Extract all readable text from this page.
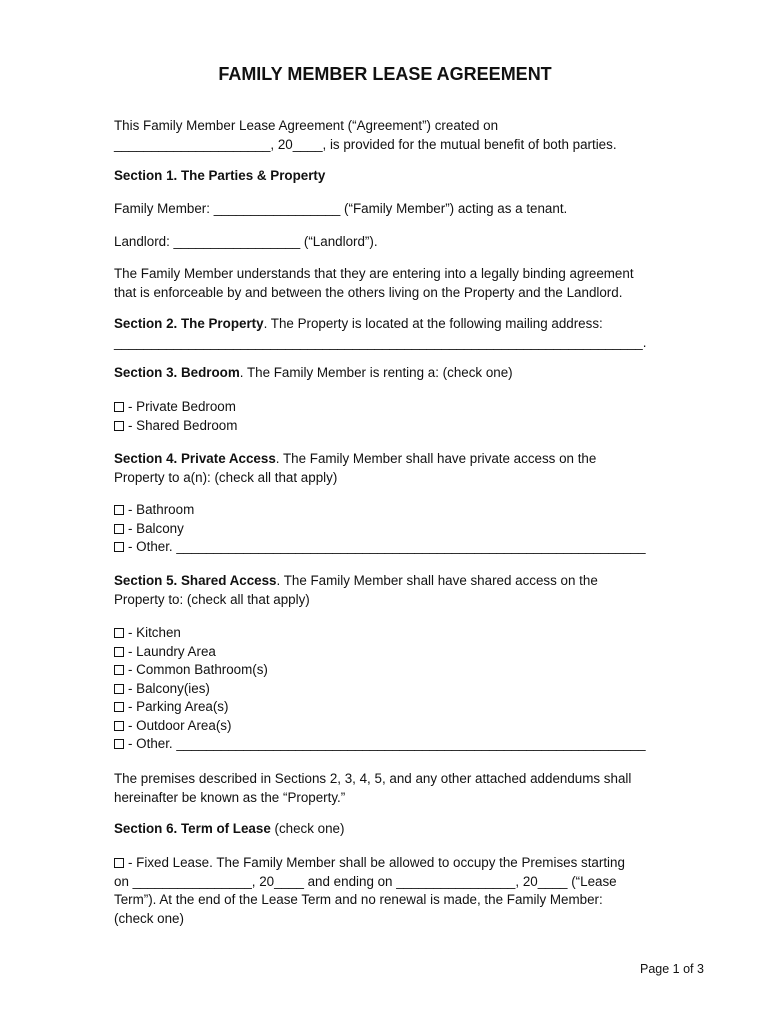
FAMILY MEMBER LEASE AGREEMENT

This Family Member Lease Agreement (“Agreement”) created on

_____________________, 20____, is provided for the mutual benefit of both parties.

Section 1. The Parties & Property

Family Member: _________________ (“Family Member”) acting as a tenant.

Landlord: _________________ (“Landlord”).

The Family Member understands that they are entering into a legally binding agreement

that is enforceable by and between the others living on the Property and the Landlord.

Section 2. The Property. The Property is located at the following mailing address:

_______________________________________________________________________.

Section 3. Bedroom. The Family Member is renting a: (check one)

- Private Bedroom

- Shared Bedroom

Section 4. Private Access. The Family Member shall have private access on the

Property to a(n): (check all that apply)

- Bathroom

- Balcony

- Other. _______________________________________________________________

Section 5. Shared Access. The Family Member shall have shared access on the

Property to: (check all that apply)

- Kitchen

- Laundry Area

- Common Bathroom(s)

- Balcony(ies)

- Parking Area(s)

- Outdoor Area(s)

- Other. _______________________________________________________________

The premises described in Sections 2, 3, 4, 5, and any other attached addendums shall

hereinafter be known as the “Property.”

Section 6. Term of Lease (check one)

- Fixed Lease. The Family Member shall be allowed to occupy the Premises starting

on ________________, 20____ and ending on ________________, 20____ (“Lease

Term”). At the end of the Lease Term and no renewal is made, the Family Member:

(check one)

Page 1 of 3
